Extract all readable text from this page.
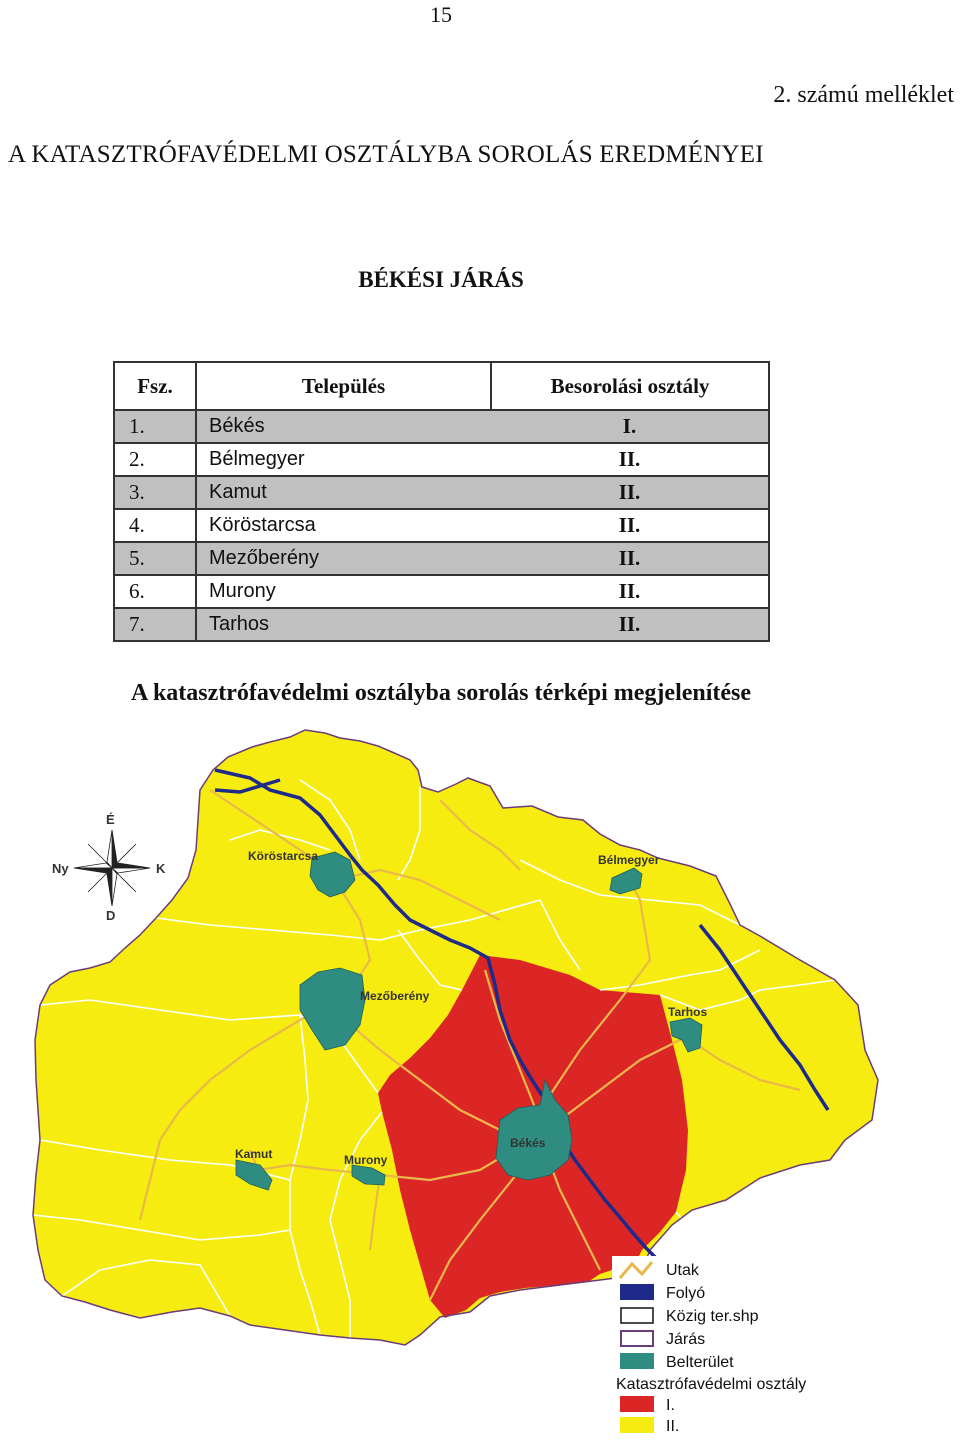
15
2. számú melléklet
A KATASZTRÓFAVÉDELMI OSZTÁLYBA SOROLÁS EREDMÉNYEI
BÉKÉSI JÁRÁS
Fsz.	Település	Besorolási osztály
1.	Békés	I.
2.	Bélmegyer	II.
3.	Kamut	II.
4.	Köröstarcsa	II.
5.	Mezőberény	II.
6.	Murony	II.
7.	Tarhos	II.
A katasztrófavédelmi osztályba sorolás térképi megjelenítése
Köröstarcsa	Bélmegyer
Mezőberény
Tarhos
Békés
Kamut	Murony
É
D
Ny	K
Utak
Folyó
Közig ter.shp
Járás
Belterület
Katasztrófavédelmi osztály
I.
II.
